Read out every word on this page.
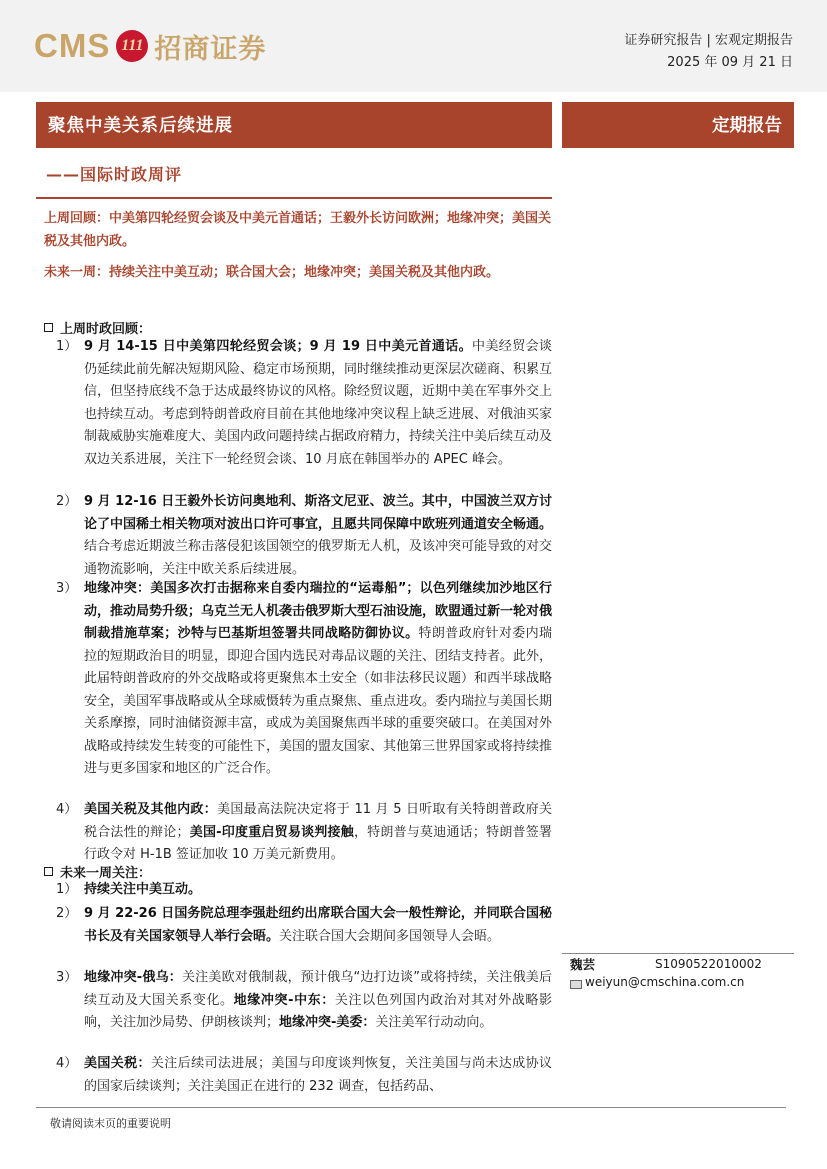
CMS 111 招商证券	证券研究报告 | 宏观定期报告
2025 年 09 月 21 日
聚焦中美关系后续进展	定期报告
——国际时政周评
上周回顾：中美第四轮经贸会谈及中美元首通话；王毅外长访问欧洲；地缘冲突；美国关税及其他内政。
未来一周：持续关注中美互动；联合国大会；地缘冲突；美国关税及其他内政。
上周时政回顾：
1） 9 月 14-15 日中美第四轮经贸会谈；9 月 19 日中美元首通话。中美经贸会谈仍延续此前先解决短期风险、稳定市场预期，同时继续推动更深层次磋商、积累互信，但坚持底线不急于达成最终协议的风格。除经贸议题，近期中美在军事外交上也持续互动。考虑到特朗普政府目前在其他地缘冲突议程上缺乏进展、对俄油买家制裁威胁实施难度大、美国内政问题持续占据政府精力，持续关注中美后续互动及双边关系进展，关注下一轮经贸会谈、10 月底在韩国举办的 APEC 峰会。
2） 9 月 12-16 日王毅外长访问奥地利、斯洛文尼亚、波兰。其中，中国波兰双方讨论了中国稀土相关物项对波出口许可事宜，且愿共同保障中欧班列通道安全畅通。结合考虑近期波兰称击落侵犯该国领空的俄罗斯无人机，及该冲突可能导致的对交通物流影响，关注中欧关系后续进展。
3） 地缘冲突：美国多次打击据称来自委内瑞拉的“运毒船”；以色列继续加沙地区行动，推动局势升级；乌克兰无人机袭击俄罗斯大型石油设施，欧盟通过新一轮对俄制裁措施草案；沙特与巴基斯坦签署共同战略防御协议。特朗普政府针对委内瑞拉的短期政治目的明显，即迎合国内选民对毒品议题的关注、团结支持者。此外，此届特朗普政府的外交战略或将更聚焦本土安全（如非法移民议题）和西半球战略安全，美国军事战略或从全球威慑转为重点聚焦、重点进攻。委内瑞拉与美国长期关系摩擦，同时油储资源丰富，或成为美国聚焦西半球的重要突破口。在美国对外战略或持续发生转变的可能性下，美国的盟友国家、其他第三世界国家或将持续推进与更多国家和地区的广泛合作。
4） 美国关税及其他内政：美国最高法院决定将于 11 月 5 日听取有关特朗普政府关税合法性的辩论；美国-印度重启贸易谈判接触，特朗普与莫迪通话；特朗普签署行政令对 H-1B 签证加收 10 万美元新费用。
未来一周关注：
1） 持续关注中美互动。
2） 9 月 22-26 日国务院总理李强赴纽约出席联合国大会一般性辩论，并同联合国秘书长及有关国家领导人举行会晤。关注联合国大会期间多国领导人会晤。
3） 地缘冲突-俄乌：关注美欧对俄制裁，预计俄乌“边打边谈”或将持续，关注俄美后续互动及大国关系变化。地缘冲突-中东：关注以色列国内政治对其对外战略影响，关注加沙局势、伊朗核谈判；地缘冲突-美委：关注美军行动动向。
4） 美国关税：关注后续司法进展；美国与印度谈判恢复，关注美国与尚未达成协议的国家后续谈判；关注美国正在进行的 232 调查，包括药品、
魏芸	S1090522010002
weiyun@cmschina.com.cn
敬请阅读末页的重要说明
